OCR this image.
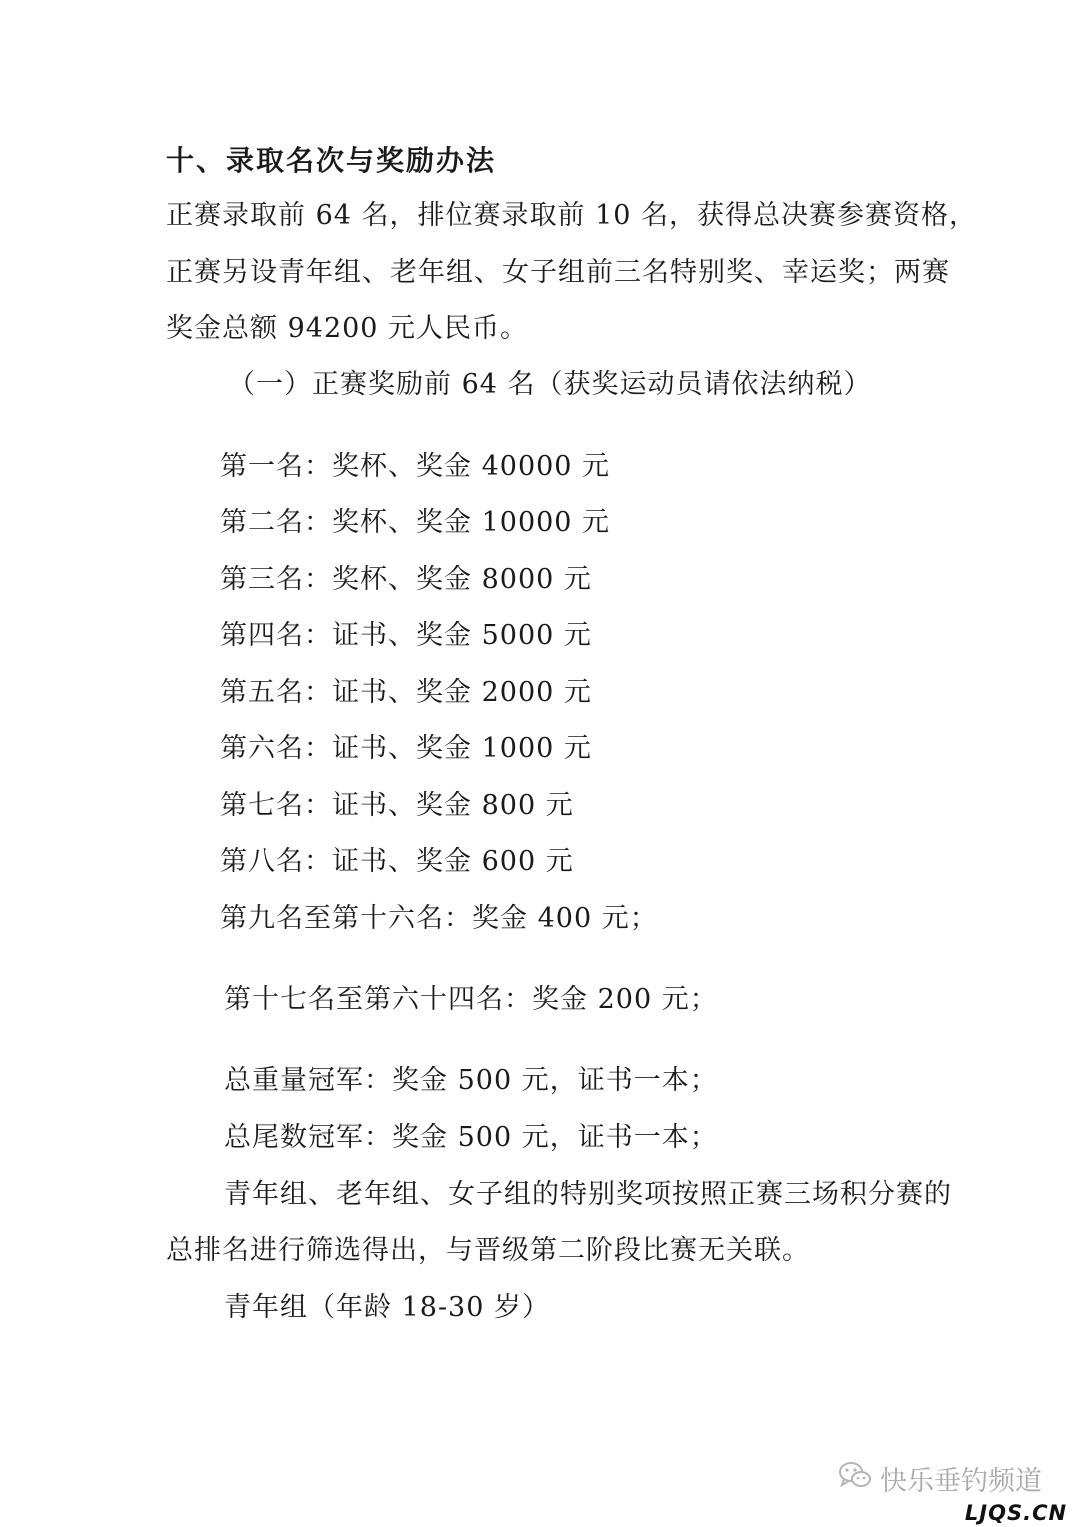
十、录取名次与奖励办法
正赛录取前 64 名，排位赛录取前 10 名，获得总决赛参赛资格，
正赛另设青年组、老年组、女子组前三名特别奖、幸运奖；两赛
奖金总额 94200 元人民币。
（一）正赛奖励前 64 名（获奖运动员请依法纳税）
第一名：奖杯、奖金 40000 元
第二名：奖杯、奖金 10000 元
第三名：奖杯、奖金 8000 元
第四名：证书、奖金 5000 元
第五名：证书、奖金 2000 元
第六名：证书、奖金 1000 元
第七名：证书、奖金 800 元
第八名：证书、奖金 600 元
第九名至第十六名：奖金 400 元；
第十七名至第六十四名：奖金 200 元；
总重量冠军：奖金 500 元，证书一本；
总尾数冠军：奖金 500 元，证书一本；
青年组、老年组、女子组的特别奖项按照正赛三场积分赛的
总排名进行筛选得出，与晋级第二阶段比赛无关联。
青年组（年龄 18-30 岁）
快乐垂钓频道
LJQS.CN
